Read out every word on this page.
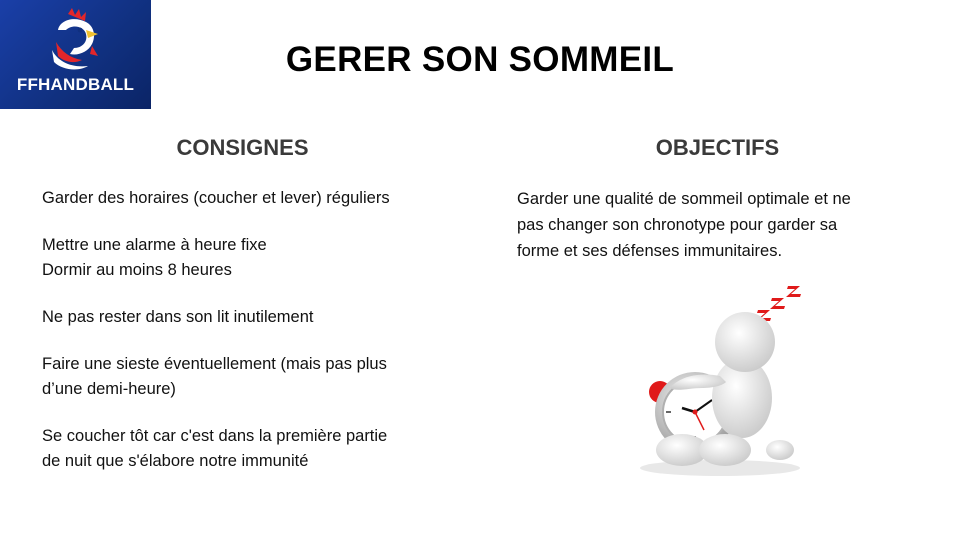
FFHANDBALL
GERER SON SOMMEIL
CONSIGNES	OBJECTIFS
Garder des horaires (coucher et lever) réguliers
Mettre une alarme à heure fixe
Dormir au moins 8 heures
Ne pas rester dans son lit inutilement
Faire une sieste éventuellement (mais pas plus
d’une demi-heure)
Se coucher tôt car c'est dans la première partie
de nuit que s'élabore notre immunité
Garder une qualité de sommeil optimale et ne
pas changer son chronotype pour garder sa
forme et ses défenses immunitaires.
